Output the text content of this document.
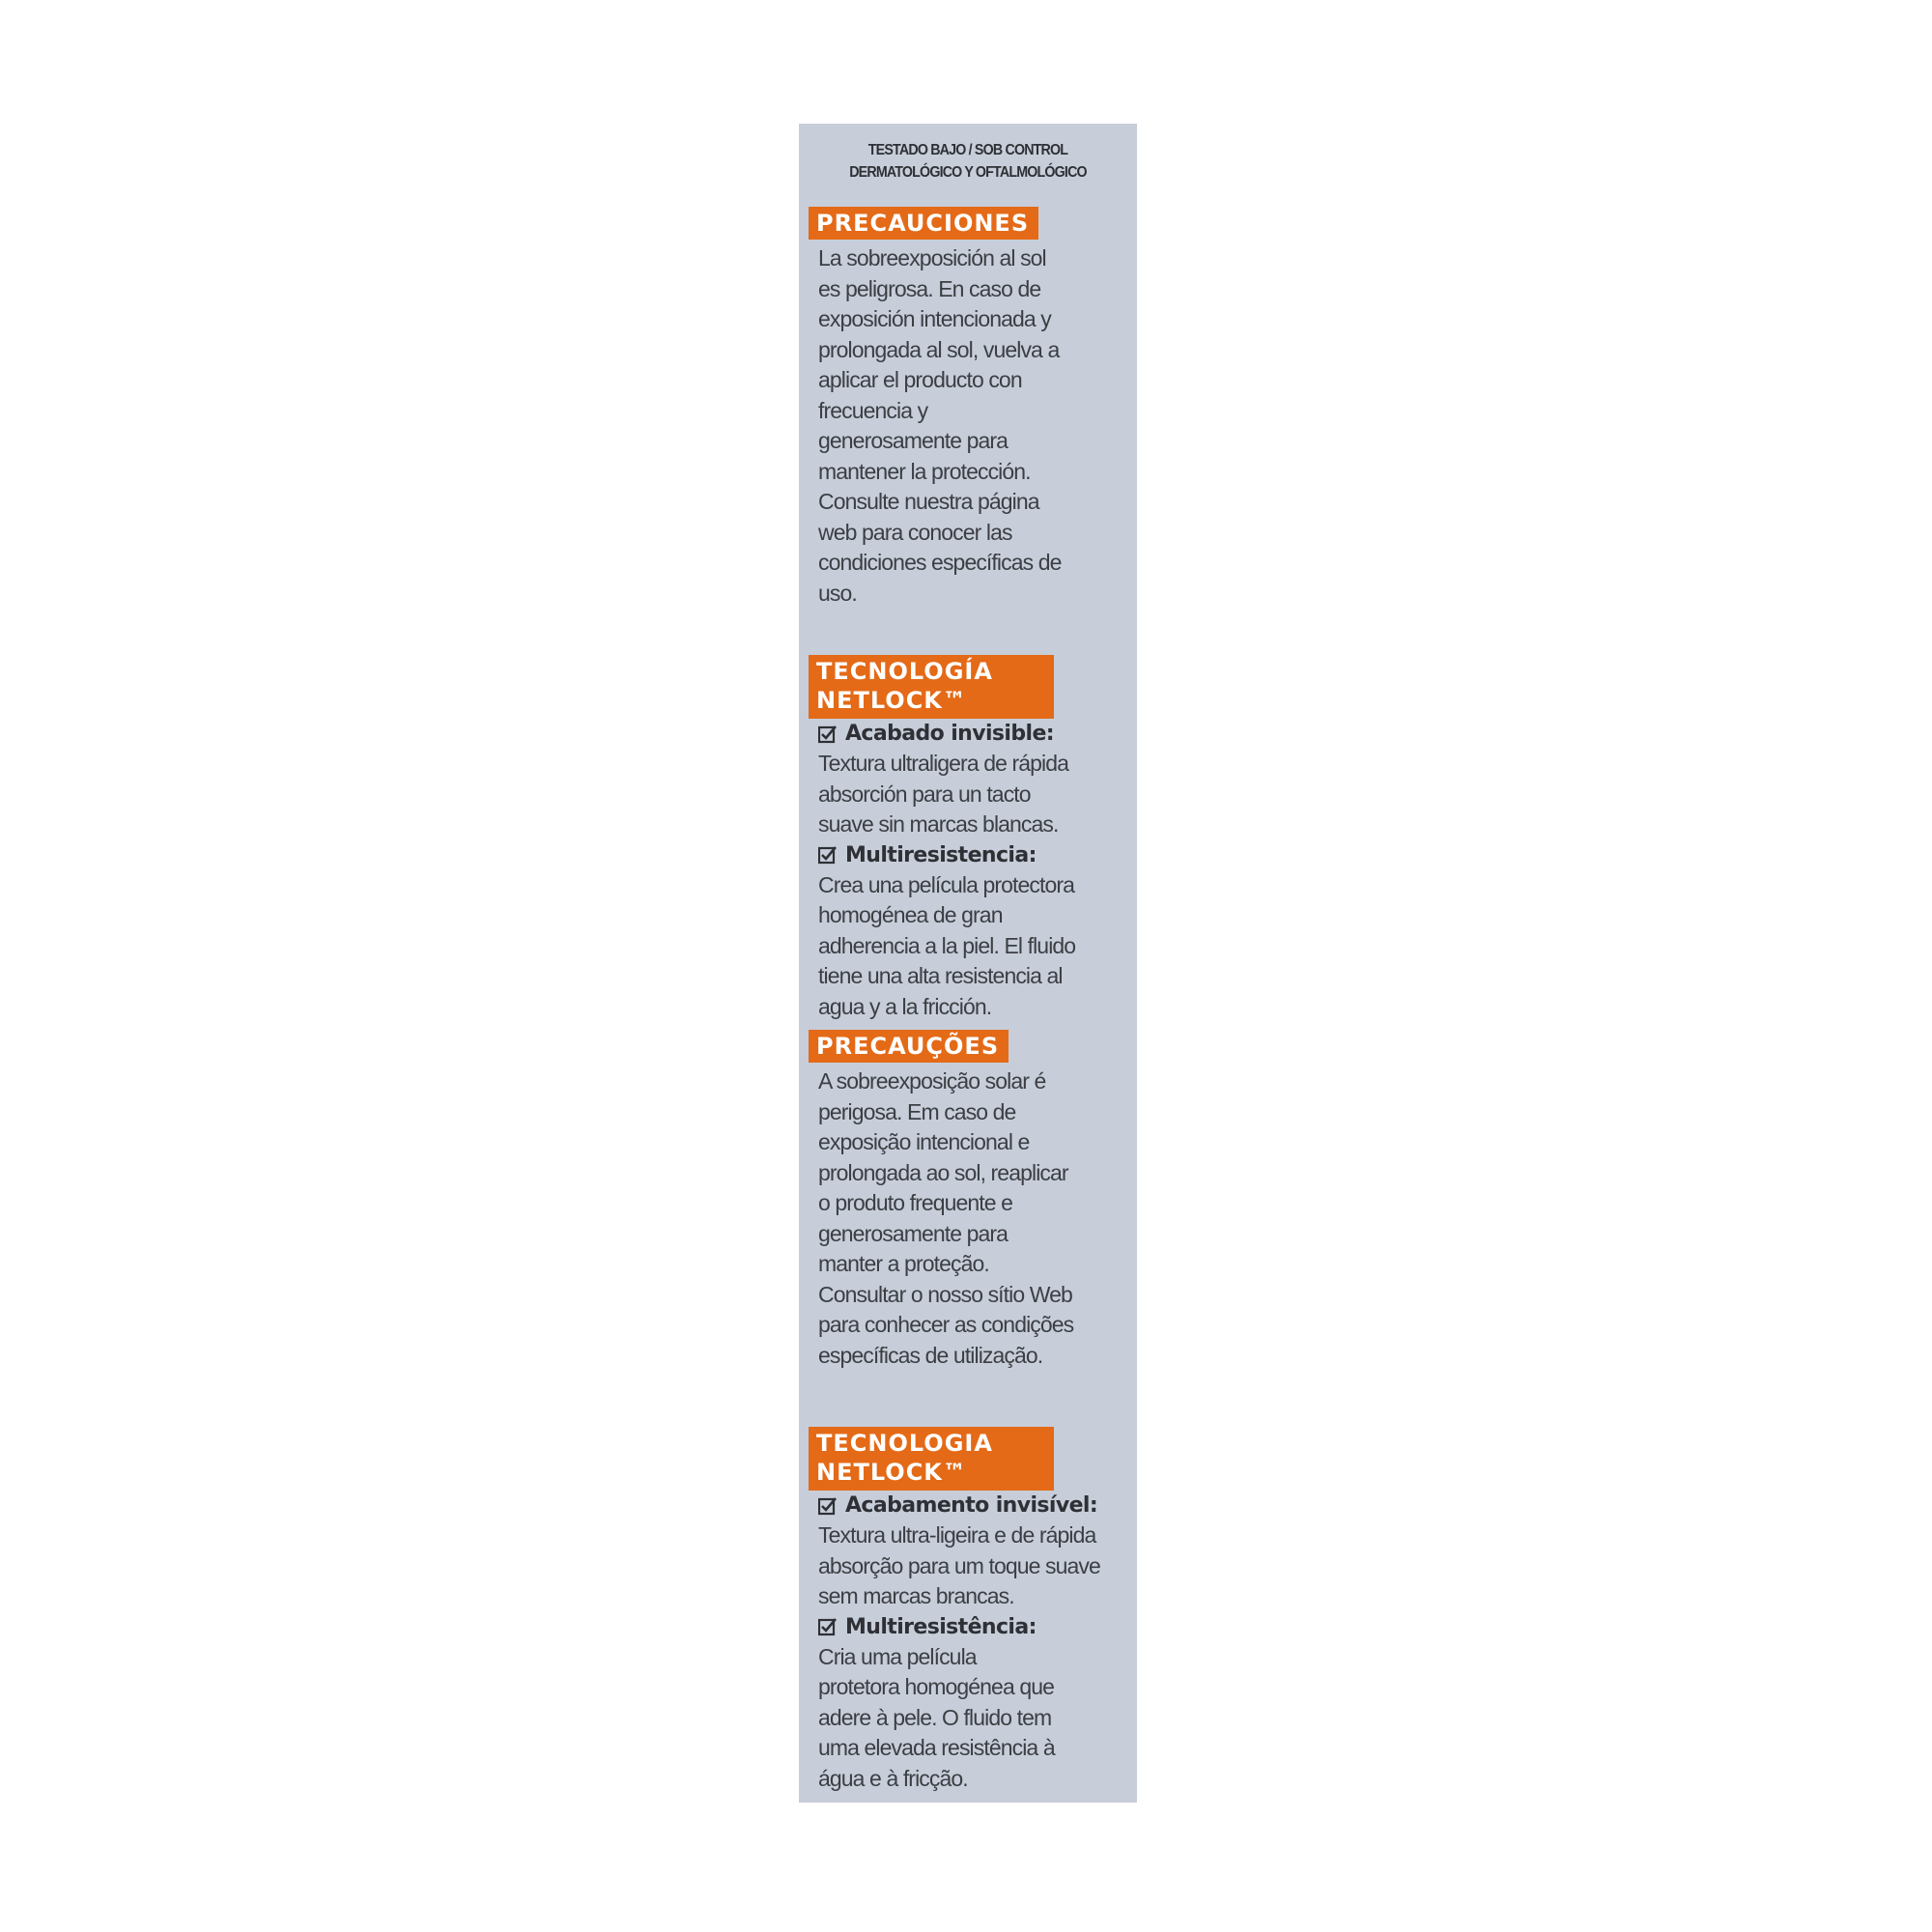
TESTADO BAJO / SOB CONTROL
DERMATOLÓGICO Y OFTALMOLÓGICO
PRECAUCIONES
La sobreexposición al sol
es peligrosa. En caso de
exposición intencionada y
prolongada al sol, vuelva a
aplicar el producto con
frecuencia y
generosamente para
mantener la protección.
Consulte nuestra página
web para conocer las
condiciones específicas de
uso.
TECNOLOGÍA
NETLOCK™
Acabado invisible:
Textura ultraligera de rápida
absorción para un tacto
suave sin marcas blancas.
Multiresistencia:
Crea una película protectora
homogénea de gran
adherencia a la piel. El fluido
tiene una alta resistencia al
agua y a la fricción.
PRECAUÇÕES
A sobreexposição solar é
perigosa. Em caso de
exposição intencional e
prolongada ao sol, reaplicar
o produto frequente e
generosamente para
manter a proteção.
Consultar o nosso sítio Web
para conhecer as condições
específicas de utilização.
TECNOLOGIA
NETLOCK™
Acabamento invisível:
Textura ultra-ligeira e de rápida
absorção para um toque suave
sem marcas brancas.
Multiresistência:
Cria uma película
protetora homogénea que
adere à pele. O fluido tem
uma elevada resistência à
água e à fricção.
